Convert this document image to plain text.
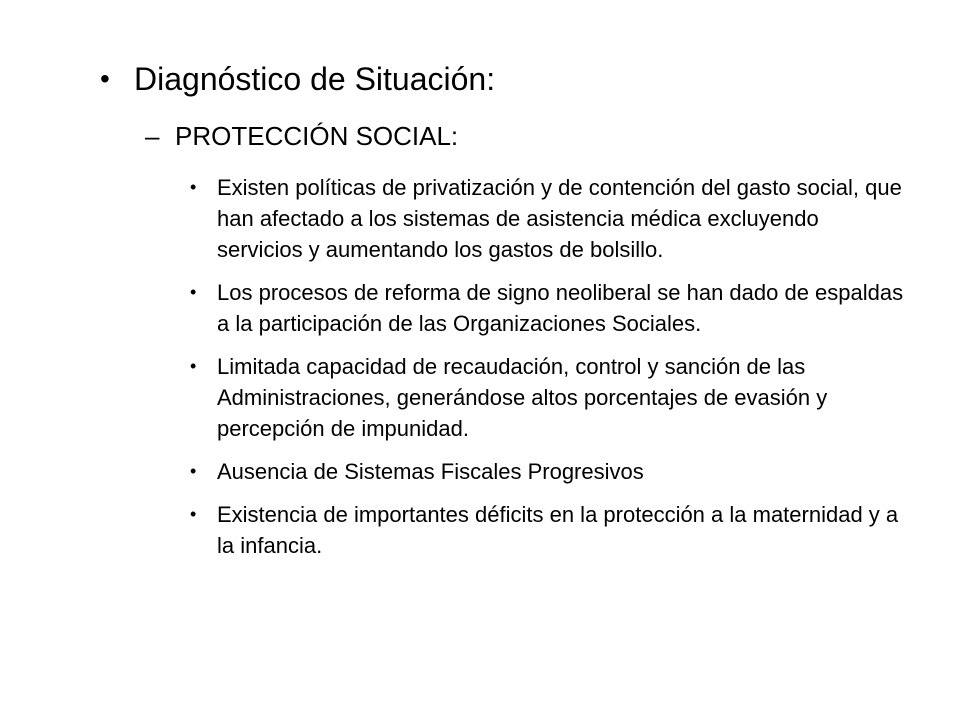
• Diagnóstico de Situación:
– PROTECCIÓN SOCIAL:
• Existen políticas de privatización y de contención del gasto social, que han afectado a los sistemas de asistencia médica excluyendo servicios y aumentando los gastos de bolsillo.
• Los procesos de reforma de signo neoliberal se han dado de espaldas a la participación de las Organizaciones Sociales.
• Limitada capacidad de recaudación, control y sanción de las Administraciones, generándose altos porcentajes de evasión y percepción de impunidad.
• Ausencia de Sistemas Fiscales Progresivos
• Existencia de importantes déficits en la protección a la maternidad y a la infancia.
